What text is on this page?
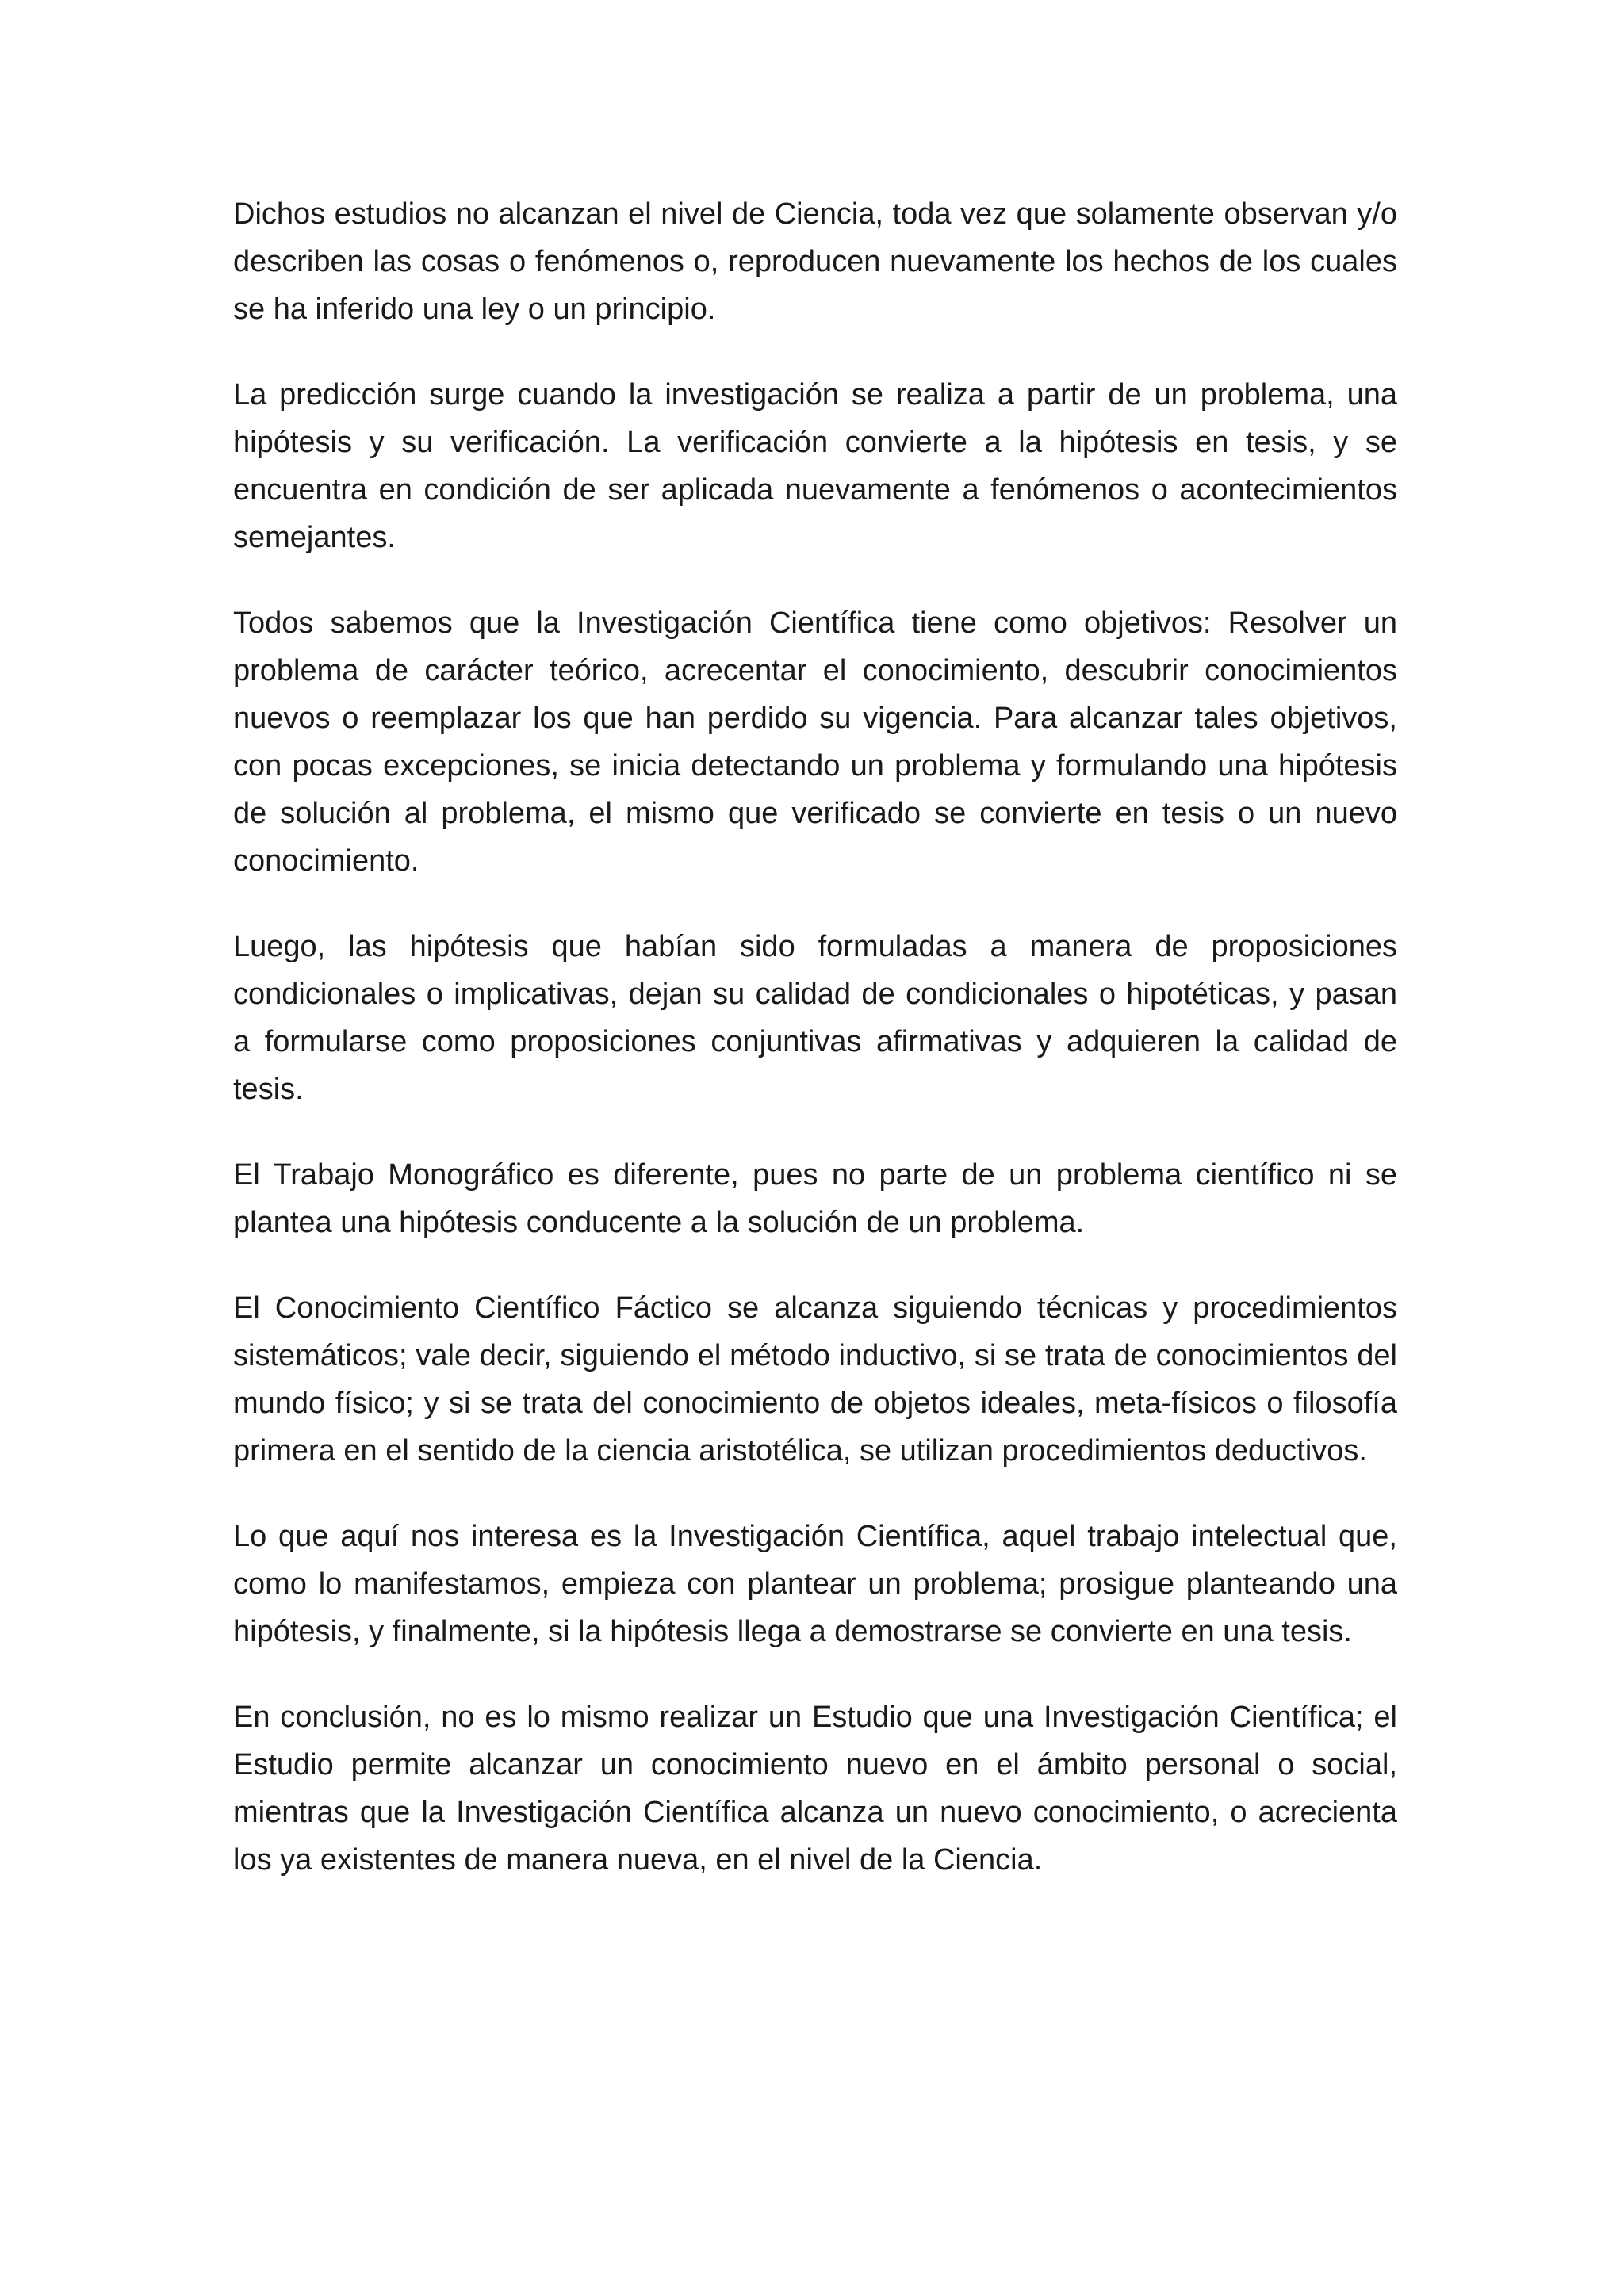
Dichos estudios no alcanzan el nivel de Ciencia, toda vez que solamente observan y/o describen las cosas o fenómenos o, reproducen nuevamente los hechos de los cuales se ha inferido una ley o un principio.

La predicción surge cuando la investigación se realiza a partir de un problema, una hipótesis y su verificación. La verificación convierte a la hipótesis en tesis, y se encuentra en condición de ser aplicada nuevamente a fenómenos o acontecimientos semejantes.

Todos sabemos que la Investigación Científica tiene como objetivos: Resolver un problema de carácter teórico, acrecentar el conocimiento, descubrir conocimientos nuevos o reemplazar los que han perdido su vigencia. Para alcanzar tales objetivos, con pocas excepciones, se inicia detectando un problema y formulando una hipótesis de solución al problema, el mismo que verificado se convierte en tesis o un nuevo conocimiento.

Luego, las hipótesis que habían sido formuladas a manera de proposiciones condicionales o implicativas, dejan su calidad de condicionales o hipotéticas, y pasan a formularse como proposiciones conjuntivas afirmativas y adquieren la calidad de tesis.

El Trabajo Monográfico es diferente, pues no parte de un problema científico ni se plantea una hipótesis conducente a la solución de un problema.

El Conocimiento Científico Fáctico se alcanza siguiendo técnicas y procedimientos sistemáticos; vale decir, siguiendo el método inductivo, si se trata de conocimientos del mundo físico; y si se trata del conocimiento de objetos ideales, meta-físicos o filosofía primera en el sentido de la ciencia aristotélica, se utilizan procedimientos deductivos.

Lo que aquí nos interesa es la Investigación Científica, aquel trabajo intelectual que, como lo manifestamos, empieza con plantear un problema; prosigue planteando una hipótesis, y finalmente, si la hipótesis llega a demostrarse se convierte en una tesis.

En conclusión, no es lo mismo realizar un Estudio que una Investigación Científica; el Estudio permite alcanzar un conocimiento nuevo en el ámbito personal o social, mientras que la Investigación Científica alcanza un nuevo conocimiento, o acrecienta los ya existentes de manera nueva, en el nivel de la Ciencia.
